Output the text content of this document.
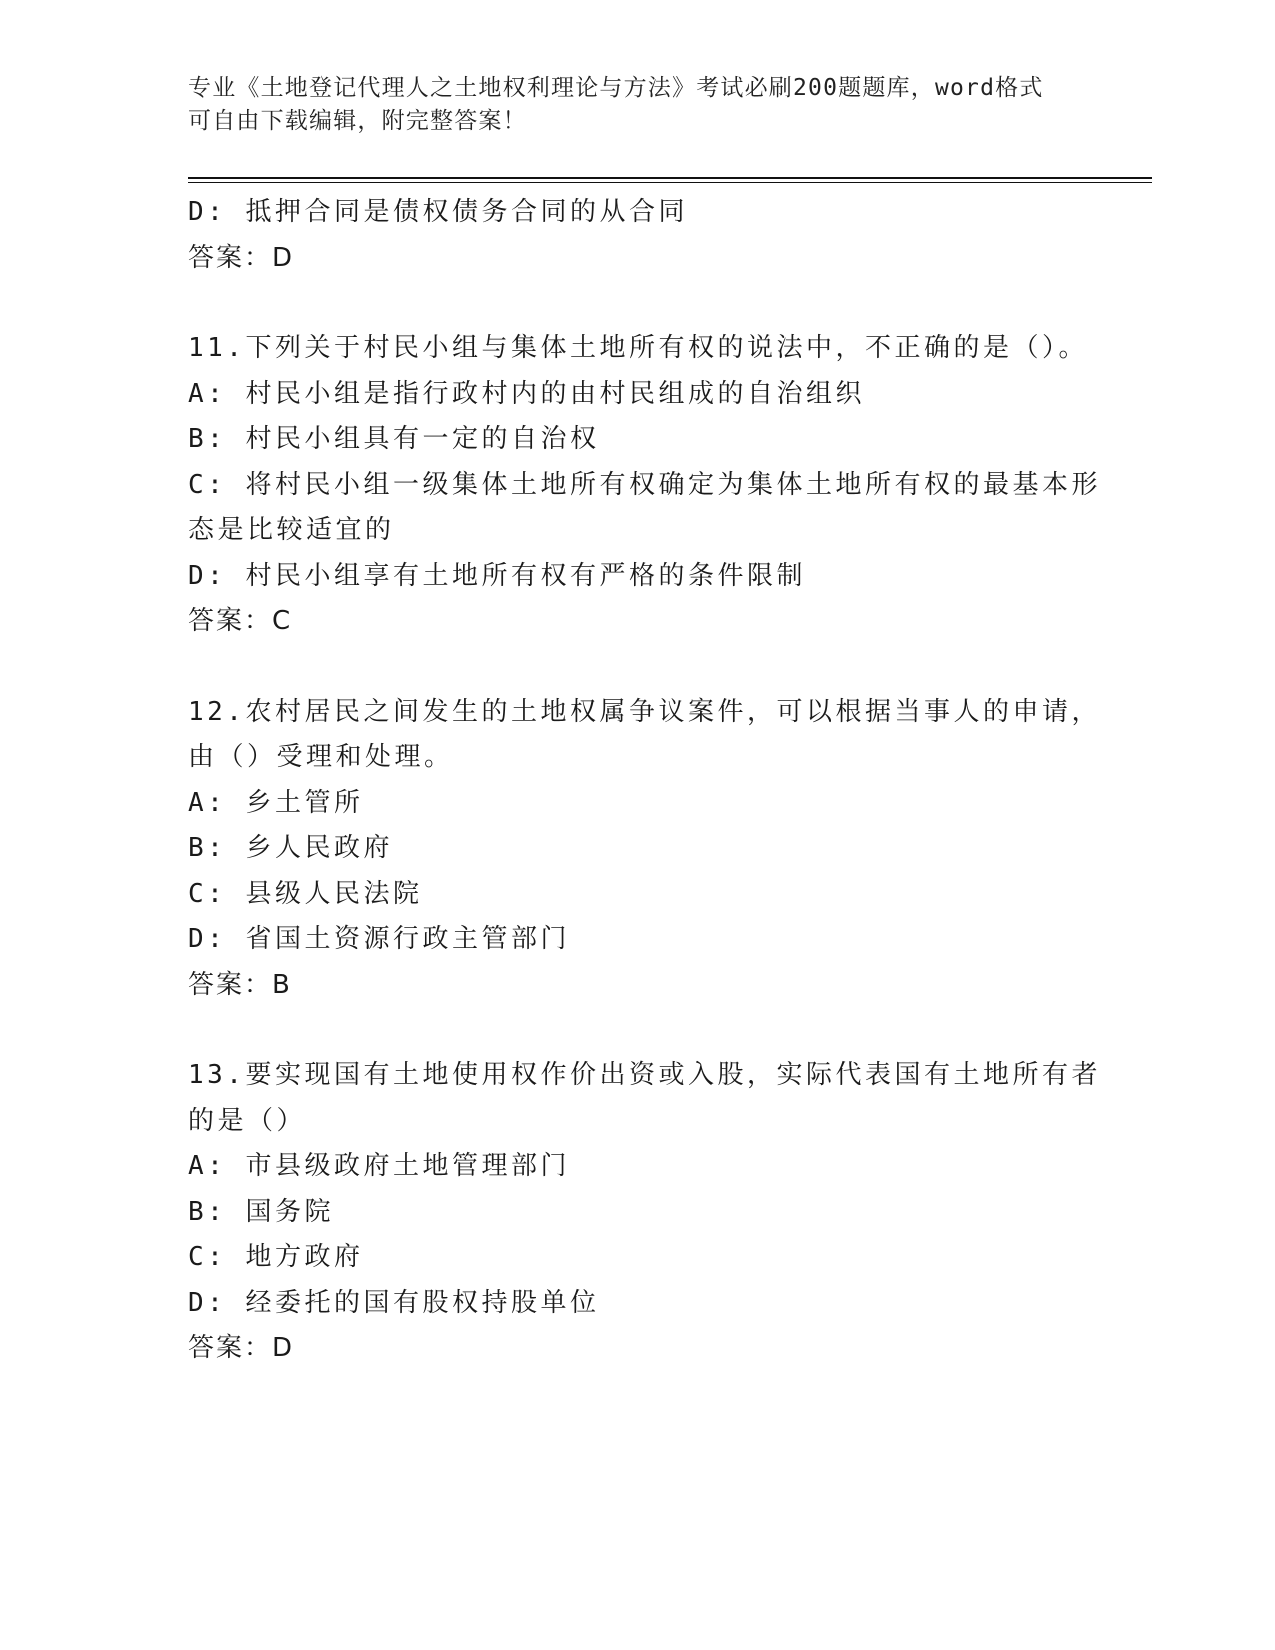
专业《土地登记代理人之土地权利理论与方法》考试必刷200题题库，word格式
可自由下载编辑，附完整答案！
D: 抵押合同是债权债务合同的从合同
答案：D
11.下列关于村民小组与集体土地所有权的说法中，不正确的是（）。
A: 村民小组是指行政村内的由村民组成的自治组织
B: 村民小组具有一定的自治权
C: 将村民小组一级集体土地所有权确定为集体土地所有权的最基本形
态是比较适宜的
D: 村民小组享有土地所有权有严格的条件限制
答案：C
12.农村居民之间发生的土地权属争议案件，可以根据当事人的申请，
由（）受理和处理。
A: 乡土管所
B: 乡人民政府
C: 县级人民法院
D: 省国土资源行政主管部门
答案：B
13.要实现国有土地使用权作价出资或入股，实际代表国有土地所有者
的是（）
A: 市县级政府土地管理部门
B: 国务院
C: 地方政府
D: 经委托的国有股权持股单位
答案：D
